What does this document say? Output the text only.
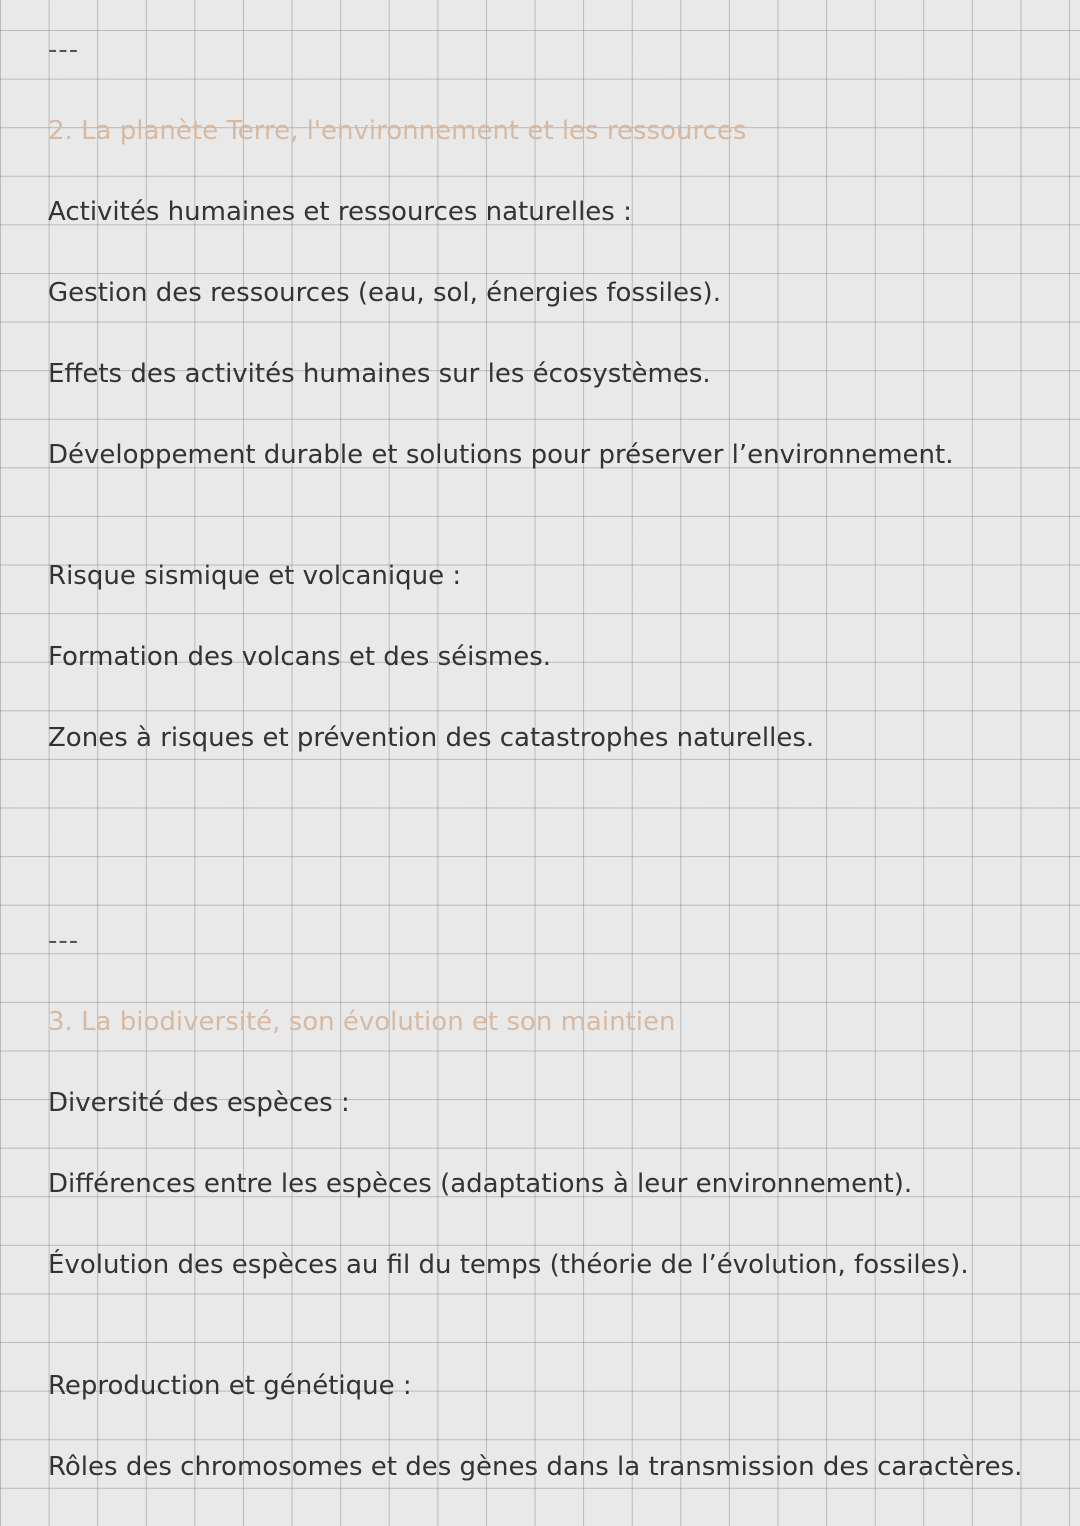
---
2. La planète Terre, l'environnement et les ressources
Activités humaines et ressources naturelles :
Gestion des ressources (eau, sol, énergies fossiles).
Effets des activités humaines sur les écosystèmes.
Développement durable et solutions pour préserver l’environnement.
Risque sismique et volcanique :
Formation des volcans et des séismes.
Zones à risques et prévention des catastrophes naturelles.
---
3. La biodiversité, son évolution et son maintien
Diversité des espèces :
Différences entre les espèces (adaptations à leur environnement).
Évolution des espèces au fil du temps (théorie de l’évolution, fossiles).
Reproduction et génétique :
Rôles des chromosomes et des gènes dans la transmission des caractères.
